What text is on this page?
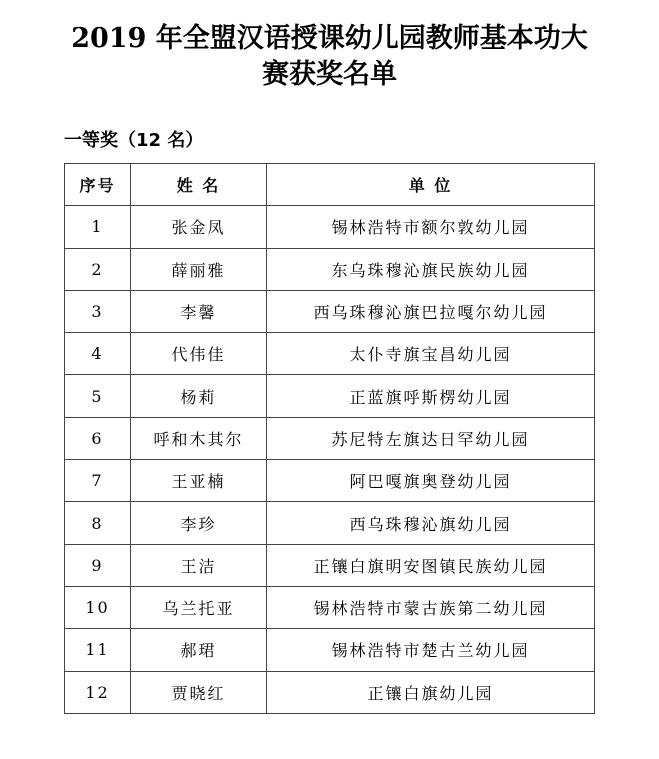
2019 年全盟汉语授课幼儿园教师基本功大
赛获奖名单
一等奖（12 名）
序号	姓 名	单 位
1	张金凤	锡林浩特市额尔敦幼儿园
2	薛丽雅	东乌珠穆沁旗民族幼儿园
3	李馨	西乌珠穆沁旗巴拉嘎尔幼儿园
4	代伟佳	太仆寺旗宝昌幼儿园
5	杨莉	正蓝旗呼斯楞幼儿园
6	呼和木其尔	苏尼特左旗达日罕幼儿园
7	王亚楠	阿巴嘎旗奥登幼儿园
8	李珍	西乌珠穆沁旗幼儿园
9	王洁	正镶白旗明安图镇民族幼儿园
10	乌兰托亚	锡林浩特市蒙古族第二幼儿园
11	郝珺	锡林浩特市楚古兰幼儿园
12	贾晓红	正镶白旗幼儿园
